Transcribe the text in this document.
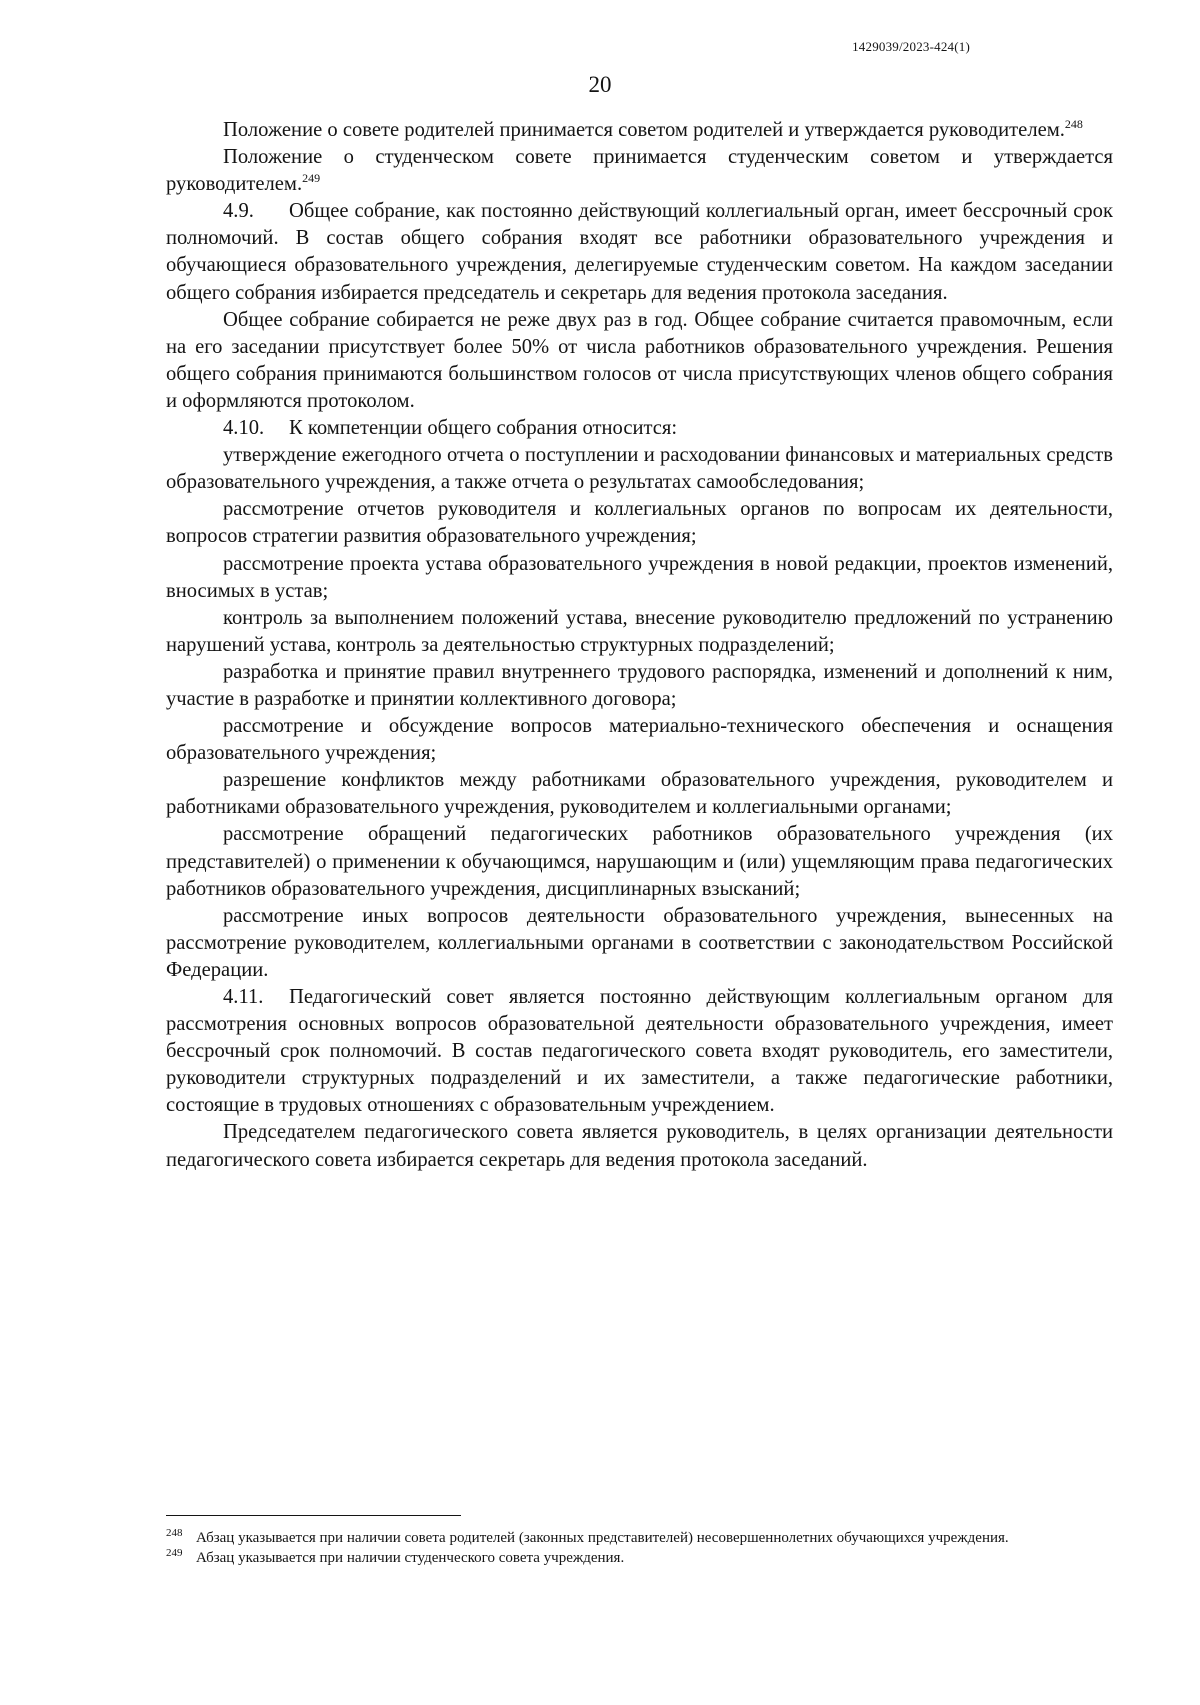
1429039/2023-424(1)
20

Положение о совете родителей принимается советом родителей и утверждается руководителем.$^{248}$

Положение о студенческом совете принимается студенческим советом и утверждается руководителем.$^{249}$

4.9. Общее собрание, как постоянно действующий коллегиальный орган, имеет бессрочный срок полномочий. В состав общего собрания входят все работники образовательного учреждения и обучающиеся образовательного учреждения, делегируемые студенческим советом. На каждом заседании общего собрания избирается председатель и секретарь для ведения протокола заседания.

Общее собрание собирается не реже двух раз в год. Общее собрание считается правомочным, если на его заседании присутствует более 50% от числа работников образовательного учреждения. Решения общего собрания принимаются большинством голосов от числа присутствующих членов общего собрания и оформляются протоколом.

4.10. К компетенции общего собрания относится:

утверждение ежегодного отчета о поступлении и расходовании финансовых и материальных средств образовательного учреждения, а также отчета о результатах самообследования;

рассмотрение отчетов руководителя и коллегиальных органов по вопросам их деятельности, вопросов стратегии развития образовательного учреждения;

рассмотрение проекта устава образовательного учреждения в новой редакции, проектов изменений, вносимых в устав;

контроль за выполнением положений устава, внесение руководителю предложений по устранению нарушений устава, контроль за деятельностью структурных подразделений;

разработка и принятие правил внутреннего трудового распорядка, изменений и дополнений к ним, участие в разработке и принятии коллективного договора;

рассмотрение и обсуждение вопросов материально-технического обеспечения и оснащения образовательного учреждения;

разрешение конфликтов между работниками образовательного учреждения, руководителем и работниками образовательного учреждения, руководителем и коллегиальными органами;

рассмотрение обращений педагогических работников образовательного учреждения (их представителей) о применении к обучающимся, нарушающим и (или) ущемляющим права педагогических работников образовательного учреждения, дисциплинарных взысканий;

рассмотрение иных вопросов деятельности образовательного учреждения, вынесенных на рассмотрение руководителем, коллегиальными органами в соответствии с законодательством Российской Федерации.

4.11. Педагогический совет является постоянно действующим коллегиальным органом для рассмотрения основных вопросов образовательной деятельности образовательного учреждения, имеет бессрочный срок полномочий. В состав педагогического совета входят руководитель, его заместители, руководители структурных подразделений и их заместители, а также педагогические работники, состоящие в трудовых отношениях с образовательным учреждением.

Председателем педагогического совета является руководитель, в целях организации деятельности педагогического совета избирается секретарь для ведения протокола заседаний.

$^{248}$ Абзац указывается при наличии совета родителей (законных представителей) несовершеннолетних обучающихся учреждения.

$^{249}$ Абзац указывается при наличии студенческого совета учреждения.
